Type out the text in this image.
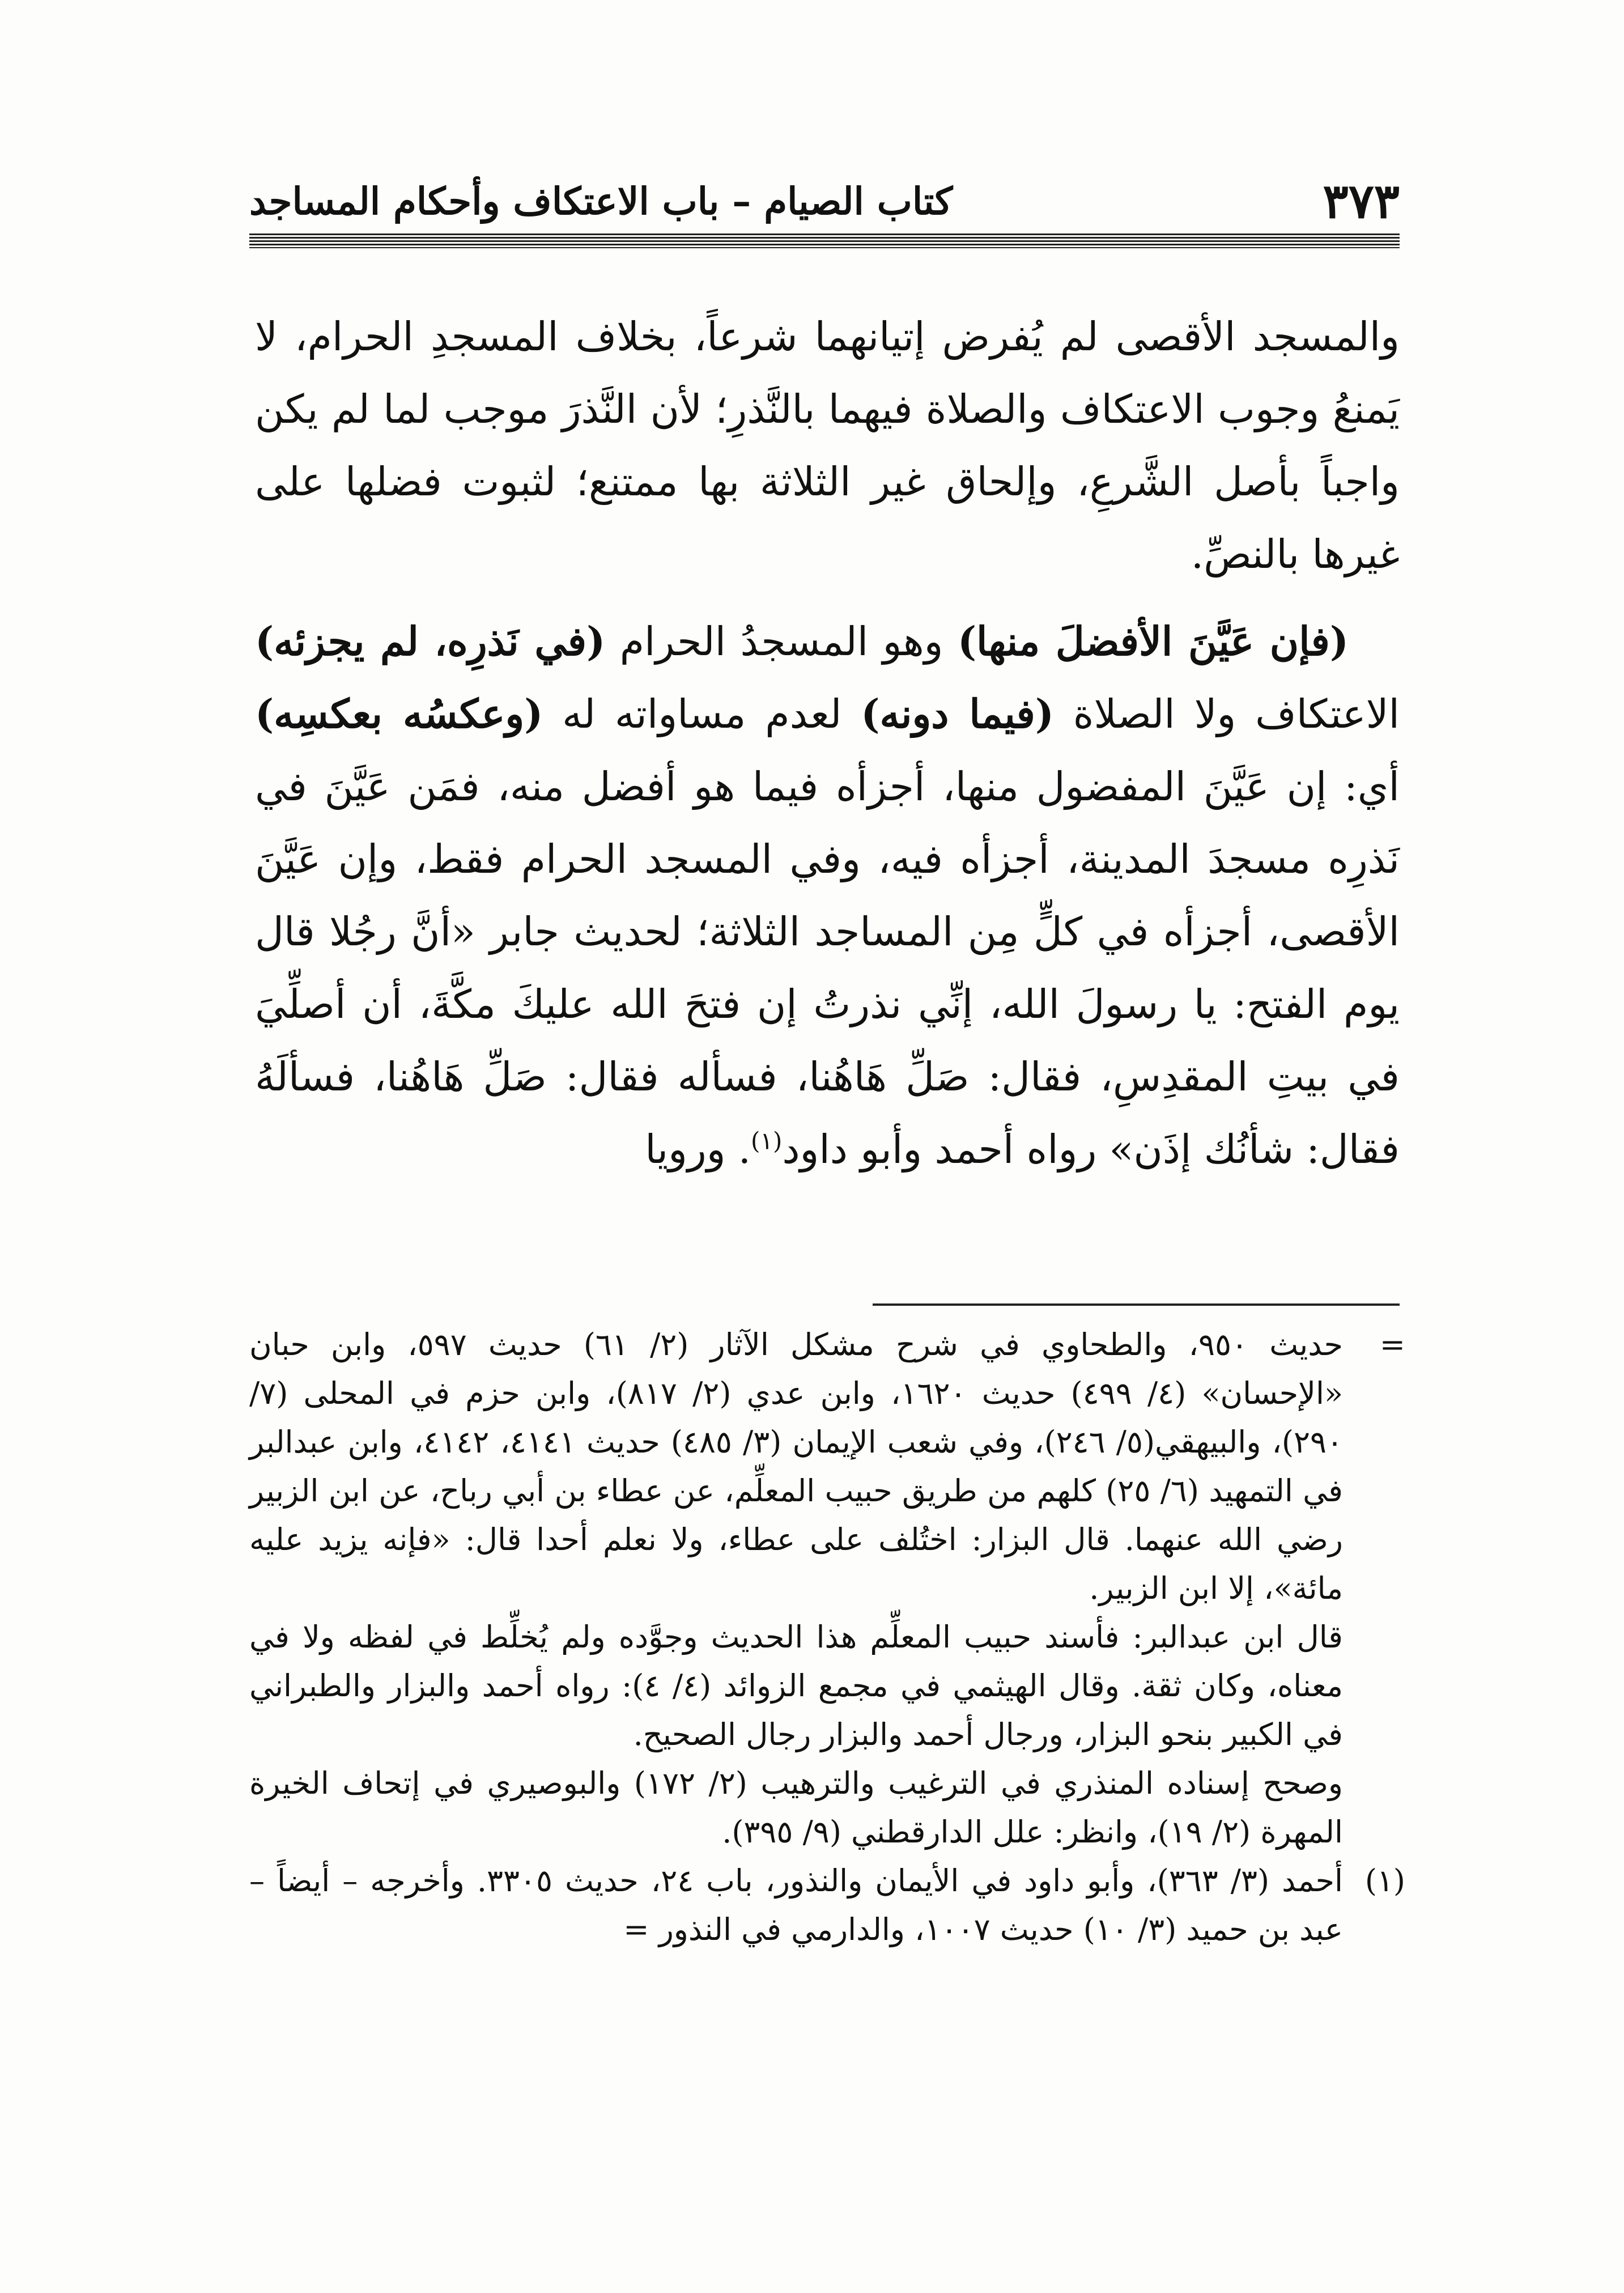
٣٧٣
كتاب الصيام – باب الاعتكاف وأحكام المساجد

والمسجد الأقصى لم يُفرض إتيانهما شرعاً، بخلاف المسجدِ الحرام، لا يَمنعُ وجوب الاعتكاف والصلاة فيهما بالنَّذرِ؛ لأن النَّذرَ موجب لما لم يكن واجباً بأصل الشَّرعِ، وإلحاق غير الثلاثة بها ممتنع؛ لثبوت فضلها على غيرها بالنصِّ.

(فإن عَيَّنَ الأفضلَ منها) وهو المسجدُ الحرام (في نَذرِه، لم يجزئه) الاعتكاف ولا الصلاة (فيما دونه) لعدم مساواته له (وعكسُه بعكسِه) أي: إن عَيَّنَ المفضول منها، أجزأه فيما هو أفضل منه، فمَن عَيَّنَ في نَذرِه مسجدَ المدينة، أجزأه فيه، وفي المسجد الحرام فقط، وإن عَيَّنَ الأقصى، أجزأه في كلٍّ مِن المساجد الثلاثة؛ لحديث جابر «أنَّ رجُلا قال يوم الفتح: يا رسولَ الله، إنِّي نذرتُ إن فتحَ الله عليكَ مكَّةَ، أن أصلِّيَ في بيتِ المقدِسِ، فقال: صَلِّ هَاهُنا، فسأله فقال: صَلِّ هَاهُنا، فسألَهُ فقال: شأنُك إذَن» رواه أحمد وأبو داود$^{(١)}$. ورويا

=

حديث ٩٥٠، والطحاوي في شرح مشكل الآثار (٢/ ٦١) حديث ٥٩٧، وابن حبان «الإحسان» (٤/ ٤٩٩) حديث ١٦٢٠، وابن عدي (٢/ ٨١٧)، وابن حزم في المحلى (٧/ ٢٩٠)، والبيهقي(٥/ ٢٤٦)، وفي شعب الإيمان (٣/ ٤٨٥) حديث ٤١٤١، ٤١٤٢، وابن عبدالبر في التمهيد (٦/ ٢٥) كلهم من طريق حبيب المعلِّم، عن عطاء بن أبي رباح، عن ابن الزبير رضي الله عنهما. قال البزار: اختُلف على عطاء، ولا نعلم أحدا قال: «فإنه يزيد عليه مائة»، إلا ابن الزبير.

قال ابن عبدالبر: فأسند حبيب المعلِّم هذا الحديث وجوَّده ولم يُخلِّط في لفظه ولا في معناه، وكان ثقة. وقال الهيثمي في مجمع الزوائد (٤/ ٤): رواه أحمد والبزار والطبراني في الكبير بنحو البزار، ورجال أحمد والبزار رجال الصحيح.

وصحح إسناده المنذري في الترغيب والترهيب (٢/ ١٧٢) والبوصيري في إتحاف الخيرة المهرة (٢/ ١٩)، وانظر: علل الدارقطني (٩/ ٣٩٥).

(١)

أحمد (٣/ ٣٦٣)، وأبو داود في الأيمان والنذور، باب ٢٤، حديث ٣٣٠٥. وأخرجه – أيضاً – عبد بن حميد (٣/ ١٠) حديث ١٠٠٧، والدارمي في النذور =
